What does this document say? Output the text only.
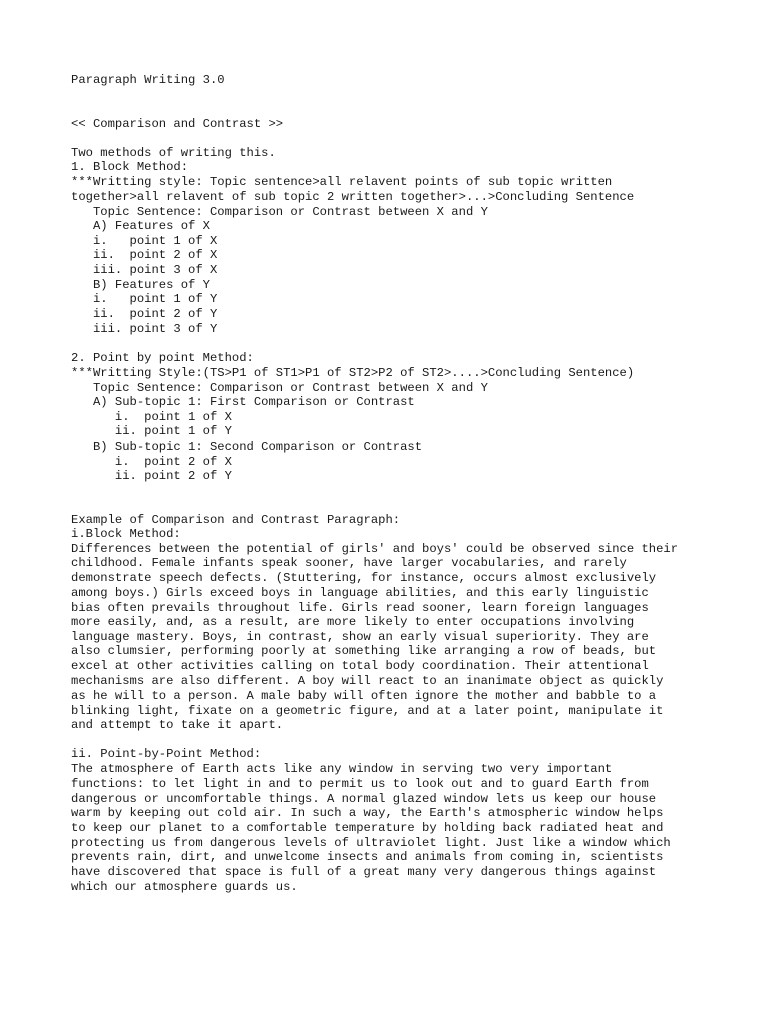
Paragraph Writing 3.0
<< Comparison and Contrast >>
Two methods of writing this.
1. Block Method:
***Writting style: Topic sentence>all relavent points of sub topic written
together>all relavent of sub topic 2 written together>...>Concluding Sentence
Topic Sentence: Comparison or Contrast between X and Y
A) Features of X
i.   point 1 of X
ii.  point 2 of X
iii. point 3 of X
B) Features of Y
i.   point 1 of Y
ii.  point 2 of Y
iii. point 3 of Y
2. Point by point Method:
***Writting Style:(TS>P1 of ST1>P1 of ST2>P2 of ST2>....>Concluding Sentence)
Topic Sentence: Comparison or Contrast between X and Y
A) Sub-topic 1: First Comparison or Contrast
i.  point 1 of X
ii. point 1 of Y
B) Sub-topic 1: Second Comparison or Contrast
i.  point 2 of X
ii. point 2 of Y
Example of Comparison and Contrast Paragraph:
i.Block Method:
Differences between the potential of girls' and boys' could be observed since their
childhood. Female infants speak sooner, have larger vocabularies, and rarely
demonstrate speech defects. (Stuttering, for instance, occurs almost exclusively
among boys.) Girls exceed boys in language abilities, and this early linguistic
bias often prevails throughout life. Girls read sooner, learn foreign languages
more easily, and, as a result, are more likely to enter occupations involving
language mastery. Boys, in contrast, show an early visual superiority. They are
also clumsier, performing poorly at something like arranging a row of beads, but
excel at other activities calling on total body coordination. Their attentional
mechanisms are also different. A boy will react to an inanimate object as quickly
as he will to a person. A male baby will often ignore the mother and babble to a
blinking light, fixate on a geometric figure, and at a later point, manipulate it
and attempt to take it apart.
ii. Point-by-Point Method:
The atmosphere of Earth acts like any window in serving two very important
functions: to let light in and to permit us to look out and to guard Earth from
dangerous or uncomfortable things. A normal glazed window lets us keep our house
warm by keeping out cold air. In such a way, the Earth's atmospheric window helps
to keep our planet to a comfortable temperature by holding back radiated heat and
protecting us from dangerous levels of ultraviolet light. Just like a window which
prevents rain, dirt, and unwelcome insects and animals from coming in, scientists
have discovered that space is full of a great many very dangerous things against
which our atmosphere guards us.
